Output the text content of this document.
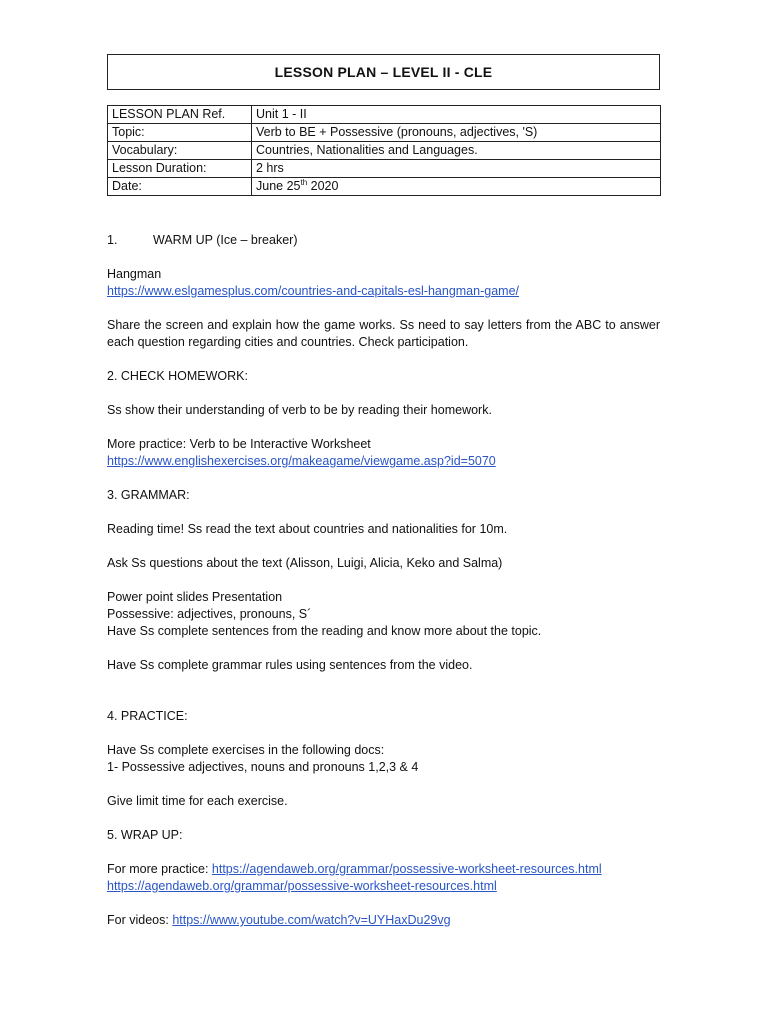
LESSON PLAN – LEVEL II - CLE
LESSON PLAN Ref.	Unit 1 - II
Topic:	Verb to BE + Possessive (pronouns, adjectives, 'S)
Vocabulary:	Countries, Nationalities and Languages.
Lesson Duration:	2 hrs
Date:	June 25th 2020

1.	WARM UP (Ice – breaker)

Hangman

https://www.eslgamesplus.com/countries-and-capitals-esl-hangman-game/

Share the screen and explain how the game works. Ss need to say letters from the ABC to answer each question regarding cities and countries. Check participation.

2. CHECK HOMEWORK:

Ss show their understanding of verb to be by reading their homework.

More practice: Verb to be Interactive Worksheet

https://www.englishexercises.org/makeagame/viewgame.asp?id=5070

3. GRAMMAR:

Reading time! Ss read the text about countries and nationalities for 10m.

Ask Ss questions about the text (Alisson, Luigi, Alicia, Keko and Salma)

Power point slides Presentation

Possessive: adjectives, pronouns, S´

Have Ss complete sentences from the reading and know more about the topic.

Have Ss complete grammar rules using sentences from the video.

4. PRACTICE:

Have Ss complete exercises in the following docs:

1- Possessive adjectives, nouns and pronouns 1,2,3 & 4

Give limit time for each exercise.

5. WRAP UP:

For more practice: https://agendaweb.org/grammar/possessive-worksheet-resources.html

https://agendaweb.org/grammar/possessive-worksheet-resources.html

For videos: https://www.youtube.com/watch?v=UYHaxDu29vg
